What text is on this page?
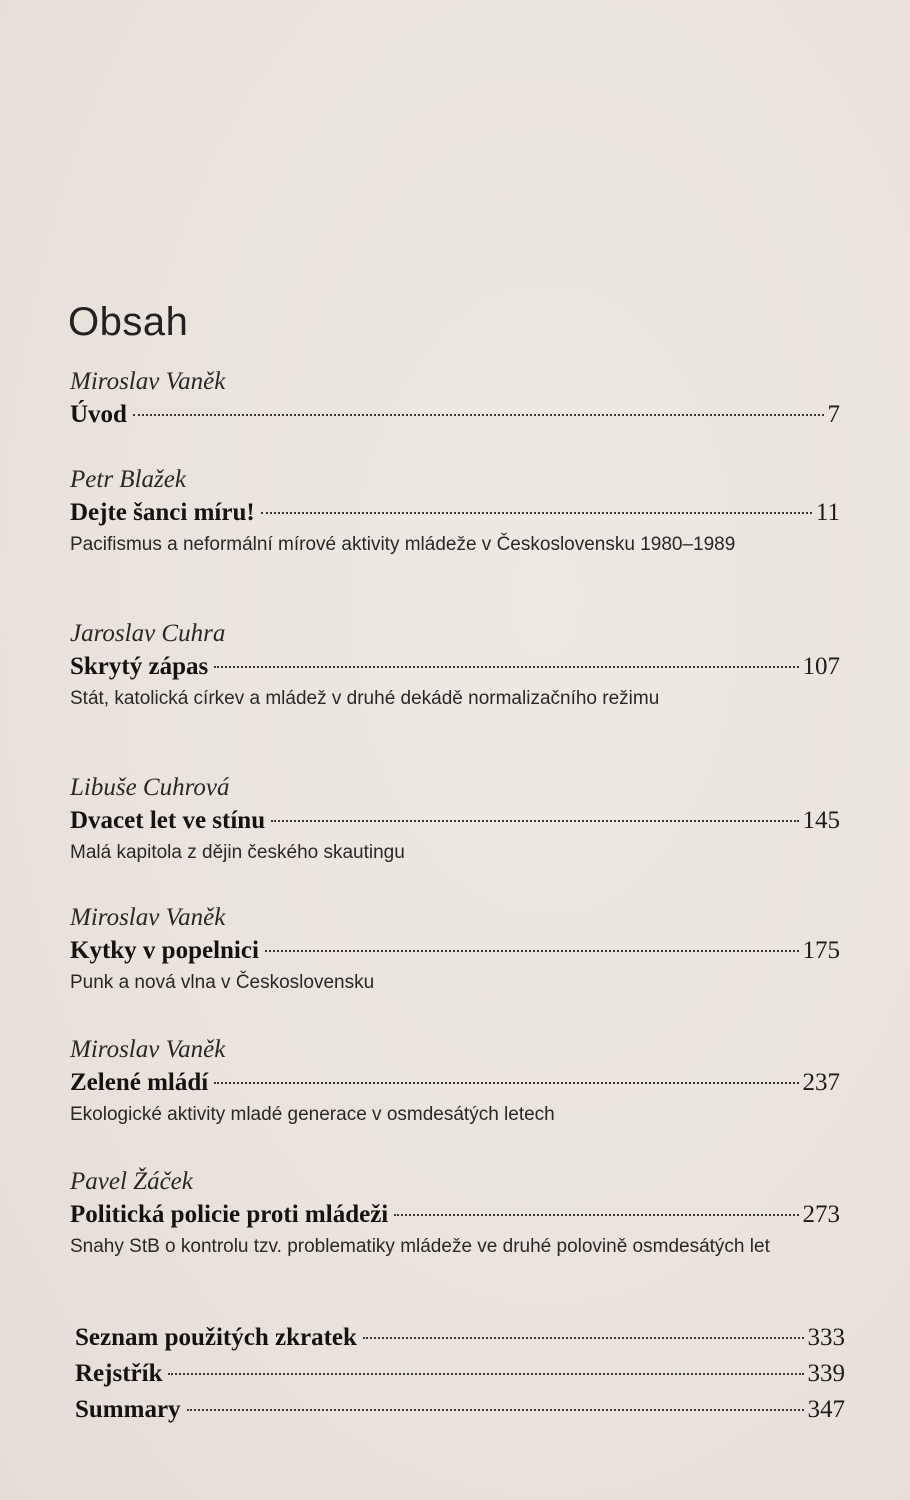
Obsah
Miroslav Vaněk
Úvod	7
Petr Blažek
Dejte šanci míru!	11
Pacifismus a neformální mírové aktivity mládeže v Československu 1980–1989
Jaroslav Cuhra
Skrytý zápas	107
Stát, katolická církev a mládež v druhé dekádě normalizačního režimu
Libuše Cuhrová
Dvacet let ve stínu	145
Malá kapitola z dějin českého skautingu
Miroslav Vaněk
Kytky v popelnici	175
Punk a nová vlna v Československu
Miroslav Vaněk
Zelené mládí	237
Ekologické aktivity mladé generace v osmdesátých letech
Pavel Žáček
Politická policie proti mládeži	273
Snahy StB o kontrolu tzv. problematiky mládeže ve druhé polovině osmdesátých let
Seznam použitých zkratek	333
Rejstřík	339
Summary	347
